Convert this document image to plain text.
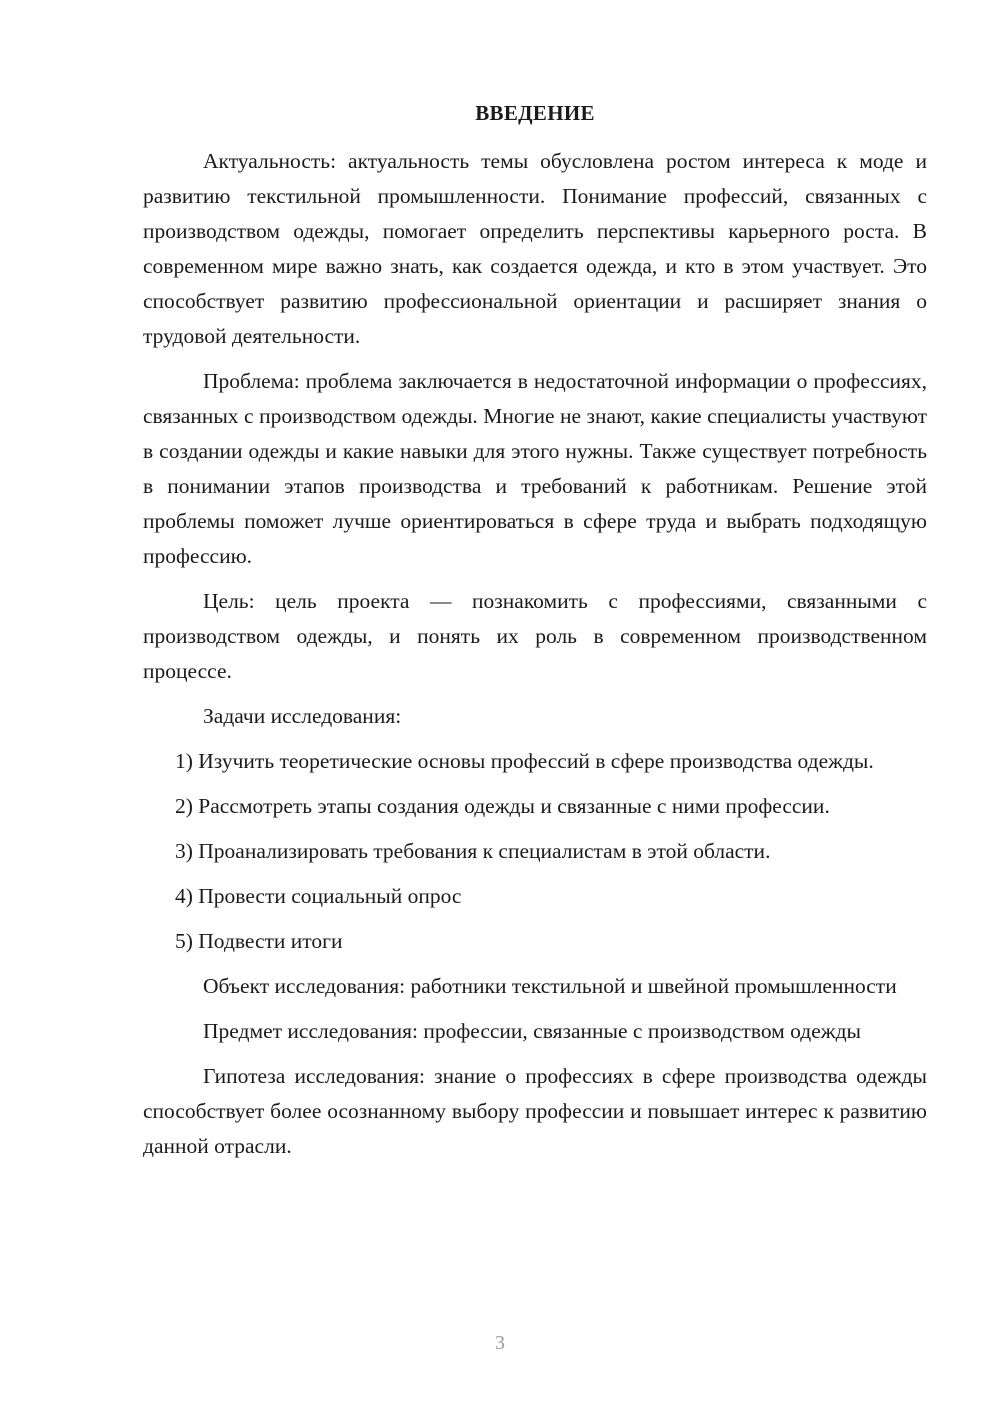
ВВЕДЕНИЕ

Актуальность: актуальность темы обусловлена ростом интереса к моде и развитию текстильной промышленности. Понимание профессий, связанных с производством одежды, помогает определить перспективы карьерного роста. В современном мире важно знать, как создается одежда, и кто в этом участвует. Это способствует развитию профессиональной ориентации и расширяет знания о трудовой деятельности.

Проблема: проблема заключается в недостаточной информации о профессиях, связанных с производством одежды. Многие не знают, какие специалисты участвуют в создании одежды и какие навыки для этого нужны. Также существует потребность в понимании этапов производства и требований к работникам. Решение этой проблемы поможет лучше ориентироваться в сфере труда и выбрать подходящую профессию.

Цель: цель проекта — познакомить с профессиями, связанными с производством одежды, и понять их роль в современном производственном процессе.

Задачи исследования:

1) Изучить теоретические основы профессий в сфере производства одежды.

2) Рассмотреть этапы создания одежды и связанные с ними профессии.

3) Проанализировать требования к специалистам в этой области.

4) Провести социальный опрос

5) Подвести итоги

Объект исследования: работники текстильной и швейной промышленности

Предмет исследования: профессии, связанные с производством одежды

Гипотеза исследования: знание о профессиях в сфере производства одежды способствует более осознанному выбору профессии и повышает интерес к развитию данной отрасли.

3
